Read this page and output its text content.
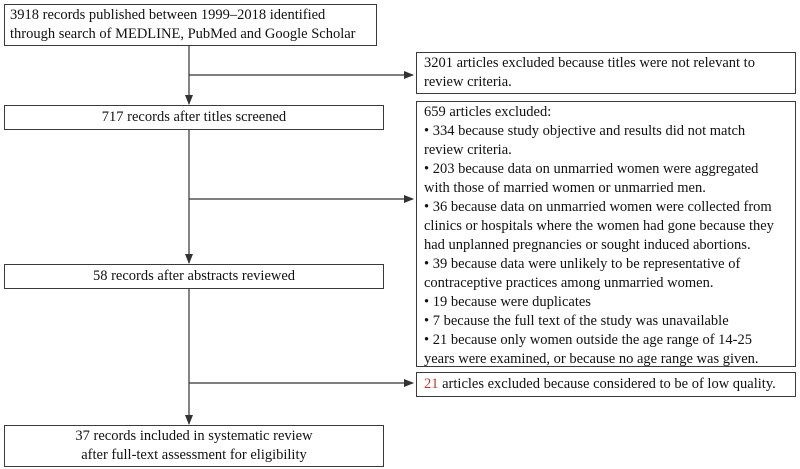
3918 records published between 1999–2018 identified
through search of MEDLINE, PubMed and Google Scholar
3201 articles excluded because titles were not relevant to
review criteria.
717 records after titles screened	659 articles excluded:
• 334 because study objective and results did not match
review criteria.
• 203 because data on unmarried women were aggregated
with those of married women or unmarried men.
• 36 because data on unmarried women were collected from
clinics or hospitals where the women had gone because they
had unplanned pregnancies or sought induced abortions.
• 39 because data were unlikely to be representative of
contraceptive practices among unmarried women.
• 19 because were duplicates
• 7 because the full text of the study was unavailable
• 21 because only women outside the age range of 14-25
years were examined, or because no age range was given.
58 records after abstracts reviewed
21 articles excluded because considered to be of low quality.
37 records included in systematic review
after full-text assessment for eligibility
